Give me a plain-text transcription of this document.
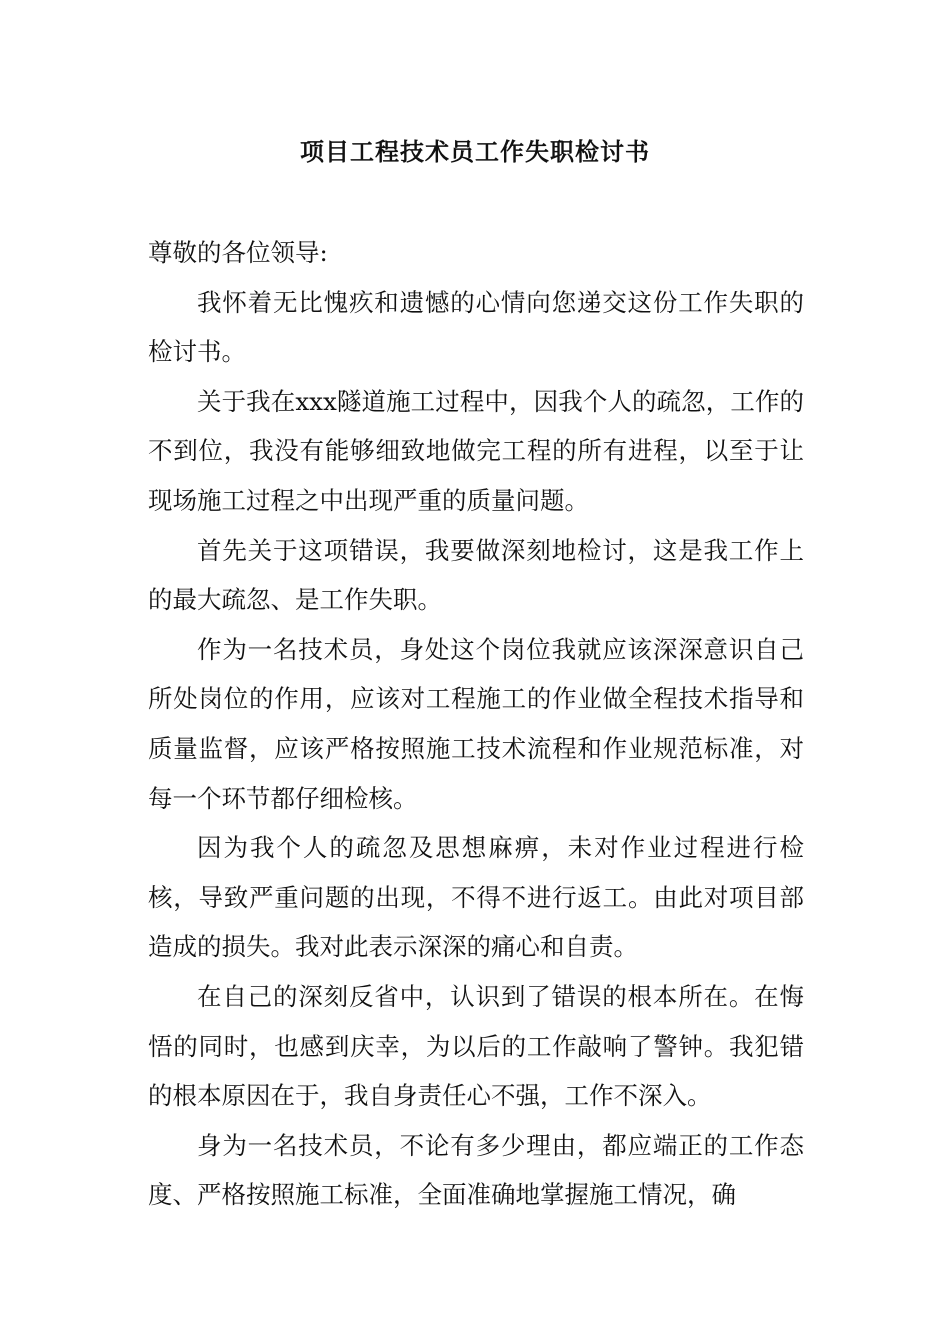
项目工程技术员工作失职检讨书

尊敬的各位领导:

我怀着无比愧疚和遗憾的心情向您递交这份工作失职的检讨书。

关于我在xxx隧道施工过程中，因我个人的疏忽，工作的不到位，我没有能够细致地做完工程的所有进程，以至于让现场施工过程之中出现严重的质量问题。

首先关于这项错误，我要做深刻地检讨，这是我工作上的最大疏忽、是工作失职。

作为一名技术员，身处这个岗位我就应该深深意识自己所处岗位的作用，应该对工程施工的作业做全程技术指导和质量监督，应该严格按照施工技术流程和作业规范标准，对每一个环节都仔细检核。

因为我个人的疏忽及思想麻痹，未对作业过程进行检核，导致严重问题的出现，不得不进行返工。由此对项目部造成的损失。我对此表示深深的痛心和自责。

在自己的深刻反省中，认识到了错误的根本所在。在悔悟的同时，也感到庆幸，为以后的工作敲响了警钟。我犯错的根本原因在于，我自身责任心不强，工作不深入。

身为一名技术员，不论有多少理由，都应端正的工作态度、严格按照施工标准，全面准确地掌握施工情况，确
